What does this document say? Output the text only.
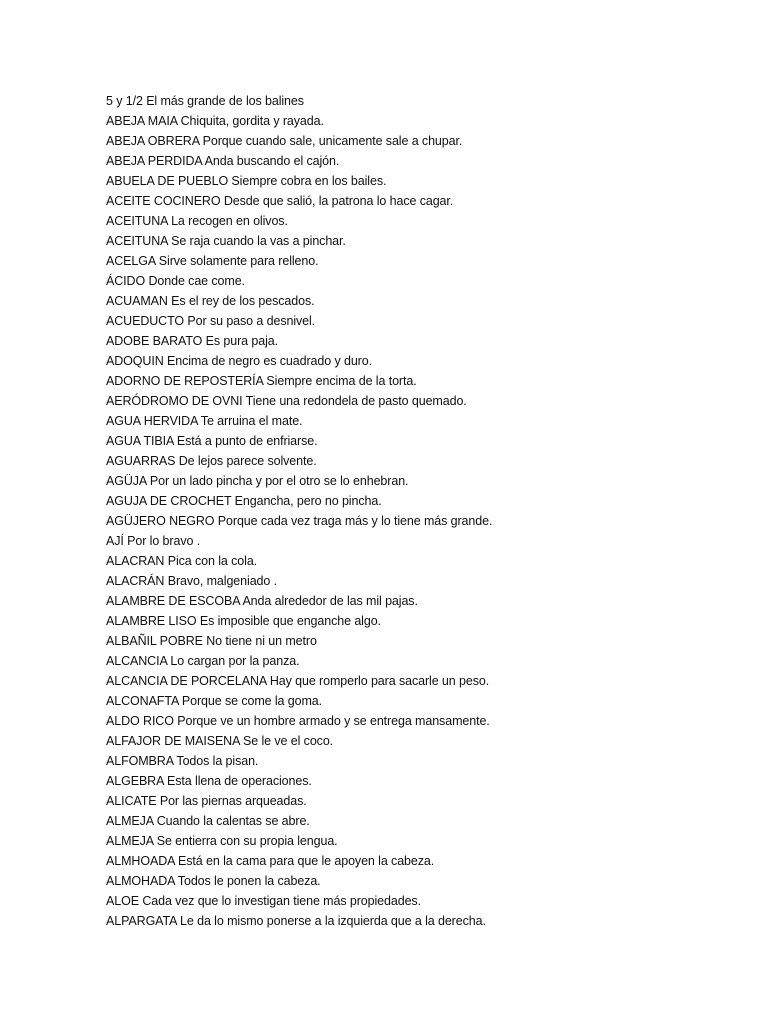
5 y 1/2 El más grande de los balines
ABEJA MAIA Chiquita, gordita y rayada.
ABEJA OBRERA Porque cuando sale, unicamente sale a chupar.
ABEJA PERDIDA Anda buscando el cajón.
ABUELA DE PUEBLO Siempre cobra en los bailes.
ACEITE COCINERO Desde que salió, la patrona lo hace cagar.
ACEITUNA La recogen en olivos.
ACEITUNA Se raja cuando la vas a pinchar.
ACELGA Sirve solamente para relleno.
ÁCIDO Donde cae come.
ACUAMAN Es el rey de los pescados.
ACUEDUCTO Por su paso a desnivel.
ADOBE BARATO Es pura paja.
ADOQUIN Encima de negro es cuadrado y duro.
ADORNO DE REPOSTERÍA Siempre encima de la torta.
AERÓDROMO DE OVNI Tiene una redondela de pasto quemado.
AGUA HERVIDA Te arruina el mate.
AGUA TIBIA Está a punto de enfriarse.
AGUARRAS De lejos parece solvente.
AGÜJA Por un lado pincha y por el otro se lo enhebran.
AGUJA DE CROCHET Engancha, pero no pincha.
AGÜJERO NEGRO Porque cada vez traga más y lo tiene más grande.
AJÍ Por lo bravo .
ALACRAN Pica con la cola.
ALACRÁN Bravo, malgeniado .
ALAMBRE DE ESCOBA Anda alrededor de las mil pajas.
ALAMBRE LISO Es imposible que enganche algo.
ALBAÑIL POBRE No tiene ni un metro
ALCANCIA Lo cargan por la panza.
ALCANCIA DE PORCELANA Hay que romperlo para sacarle un peso.
ALCONAFTA Porque se come la goma.
ALDO RICO Porque ve un hombre armado y se entrega mansamente.
ALFAJOR DE MAISENA Se le ve el coco.
ALFOMBRA Todos la pisan.
ALGEBRA Esta llena de operaciones.
ALICATE Por las piernas arqueadas.
ALMEJA Cuando la calentas se abre.
ALMEJA Se entierra con su propia lengua.
ALMHOADA Está en la cama para que le apoyen la cabeza.
ALMOHADA Todos le ponen la cabeza.
ALOE Cada vez que lo investigan tiene más propiedades.
ALPARGATA Le da lo mismo ponerse a la izquierda que a la derecha.
